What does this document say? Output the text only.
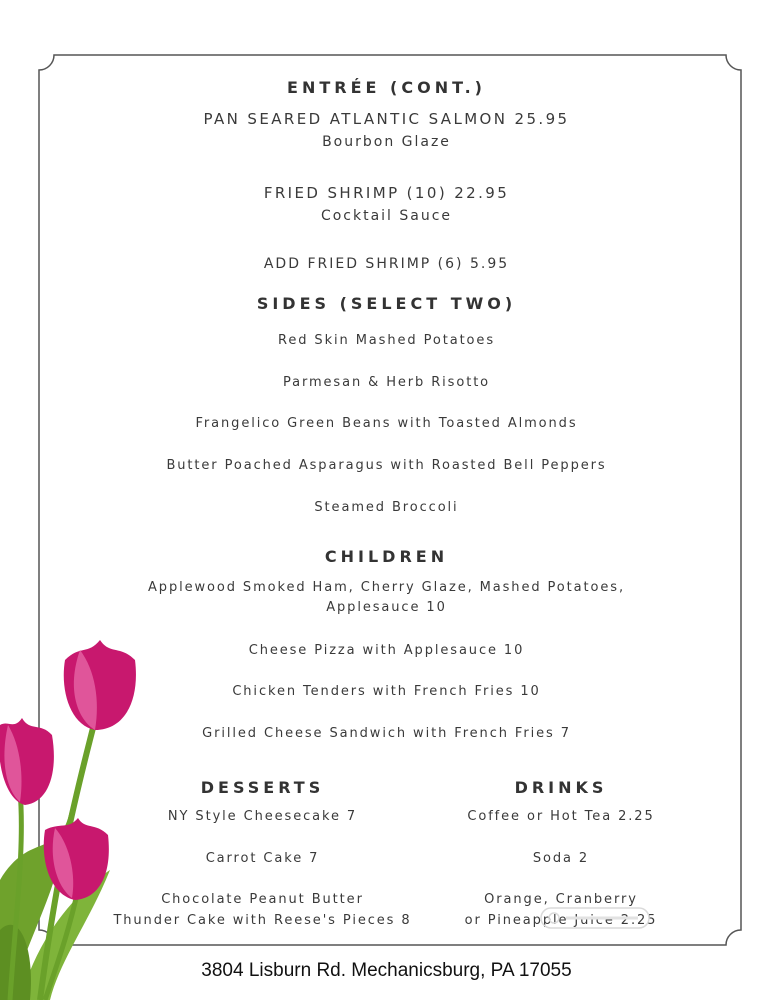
ENTRÉE (CONT.)
PAN SEARED ATLANTIC SALMON 25.95
Bourbon Glaze
FRIED SHRIMP (10) 22.95
Cocktail Sauce
ADD FRIED SHRIMP (6) 5.95
SIDES (SELECT TWO)
Red Skin Mashed Potatoes
Parmesan & Herb Risotto
Frangelico Green Beans with Toasted Almonds
Butter Poached Asparagus with Roasted Bell Peppers
Steamed Broccoli
CHILDREN
Applewood Smoked Ham, Cherry Glaze, Mashed Potatoes,
Applesauce 10
Cheese Pizza with Applesauce 10
Chicken Tenders with French Fries 10
Grilled Cheese Sandwich with French Fries 7
DESSERTS
NY Style Cheesecake 7
Carrot Cake 7
Chocolate Peanut Butter
Thunder Cake with Reese's Pieces 8
DRINKS
Coffee or Hot Tea 2.25
Soda 2
Orange, Cranberry
or Pineapple Juice 2.25
3804 Lisburn Rd. Mechanicsburg, PA 17055
